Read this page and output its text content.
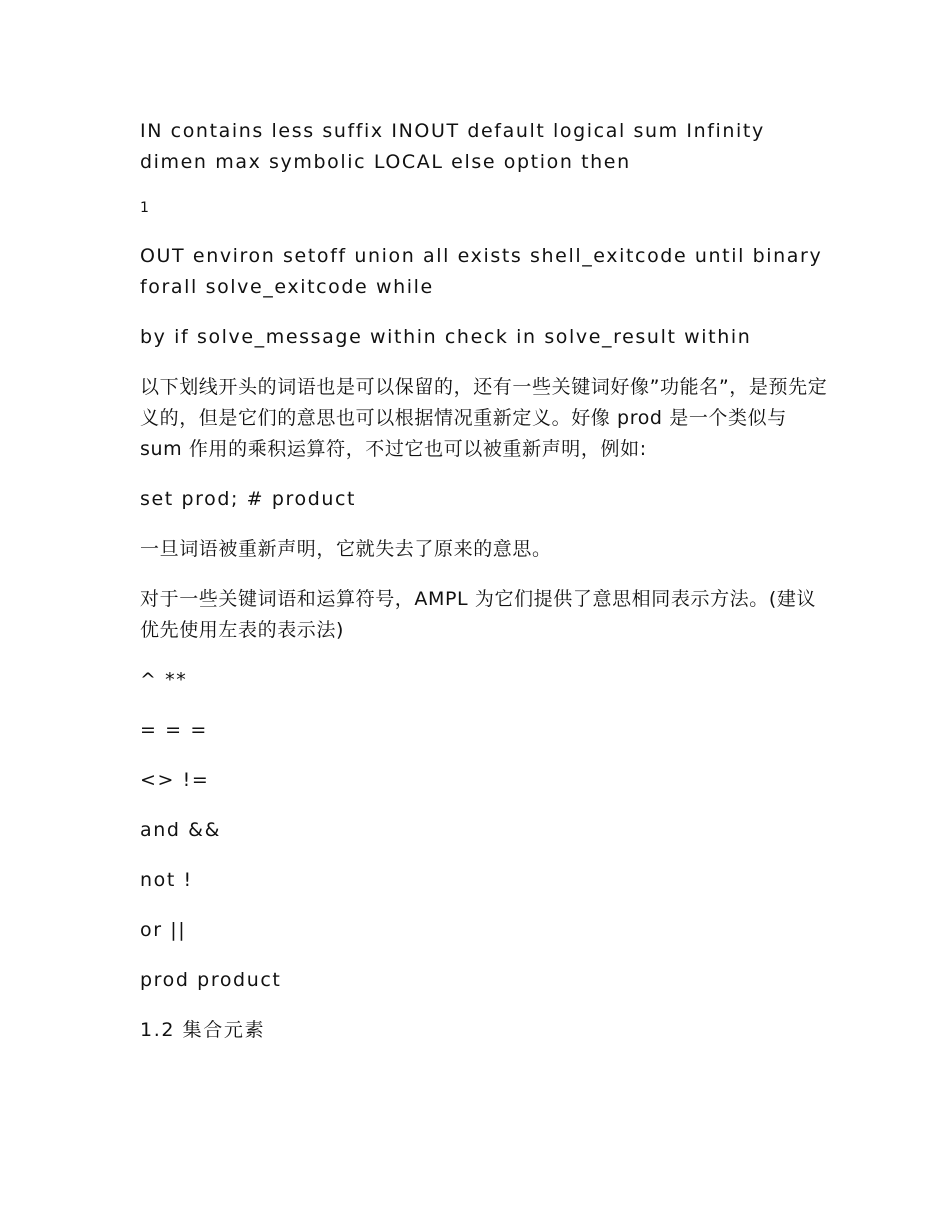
IN contains less suffix INOUT default logical sum Infinity dimen max symbolic LOCAL else option then

1

OUT environ setoff union all exists shell_exitcode until binary forall solve_exitcode while

by if solve_message within check in solve_result within

以下划线开头的词语也是可以保留的，还有一些关键词好像”功能名”，是预先定义的，但是它们的意思也可以根据情况重新定义。好像 prod 是一个类似与 sum 作用的乘积运算符，不过它也可以被重新声明，例如:

set prod; # product

一旦词语被重新声明，它就失去了原来的意思。

对于一些关键词语和运算符号，AMPL 为它们提供了意思相同表示方法。(建议优先使用左表的表示法)

^ **

= = =

<> !=

and &&

not !

or ||

prod product

1.2 集合元素
